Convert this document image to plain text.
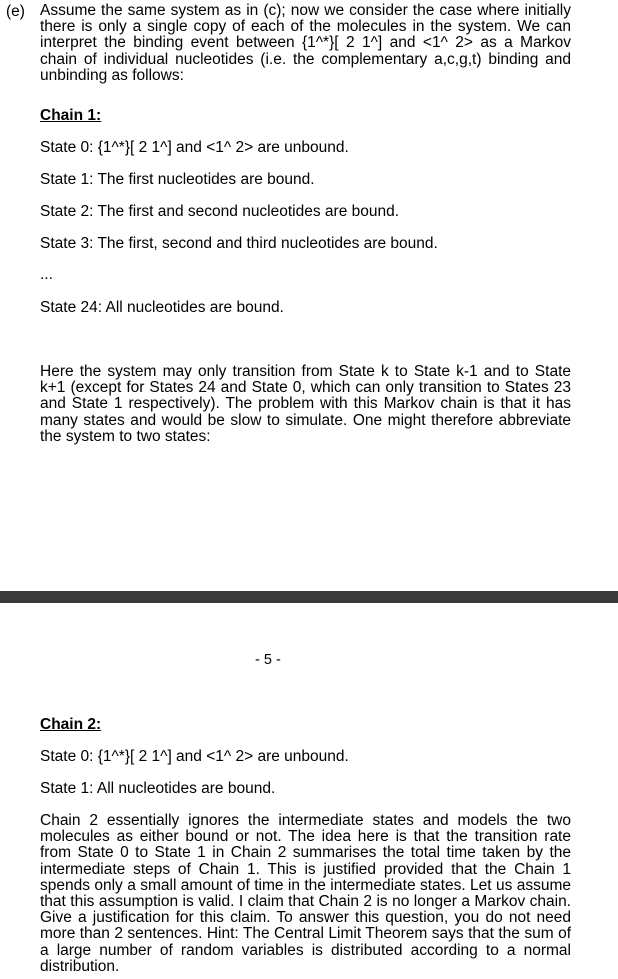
(e) Assume the same system as in (c); now we consider the case where initially there is only a single copy of each of the molecules in the system. We can interpret the binding event between {1^*}[ 2 1^] and <1^ 2> as a Markov chain of individual nucleotides (i.e. the complementary a,c,g,t) binding and unbinding as follows:

Chain 1:

State 0: {1^*}[ 2 1^] and <1^ 2> are unbound.

State 1: The first nucleotides are bound.

State 2: The first and second nucleotides are bound.

State 3: The first, second and third nucleotides are bound.

...

State 24: All nucleotides are bound.

Here the system may only transition from State k to State k-1 and to State k+1 (except for States 24 and State 0, which can only transition to States 23 and State 1 respectively). The problem with this Markov chain is that it has many states and would be slow to simulate. One might therefore abbreviate the system to two states:

- 5 -

Chain 2:

State 0: {1^*}[ 2 1^] and <1^ 2> are unbound.

State 1: All nucleotides are bound.

Chain 2 essentially ignores the intermediate states and models the two molecules as either bound or not. The idea here is that the transition rate from State 0 to State 1 in Chain 2 summarises the total time taken by the intermediate steps of Chain 1. This is justified provided that the Chain 1 spends only a small amount of time in the intermediate states. Let us assume that this assumption is valid. I claim that Chain 2 is no longer a Markov chain. Give a justification for this claim. To answer this question, you do not need more than 2 sentences. Hint: The Central Limit Theorem says that the sum of a large number of random variables is distributed according to a normal distribution.
